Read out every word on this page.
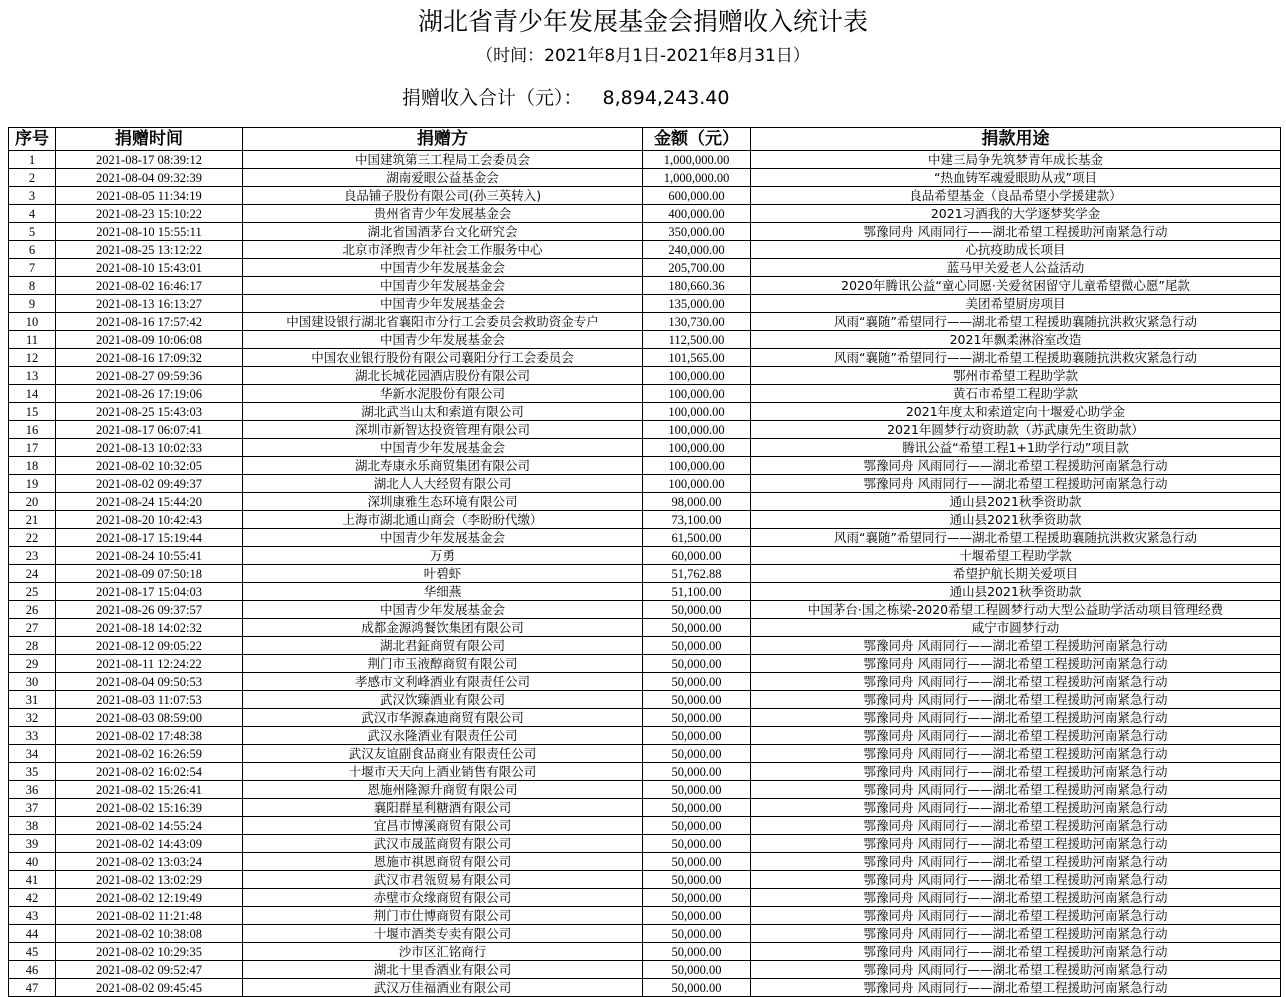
湖北省青少年发展基金会捐赠收入统计表
（时间：2021年8月1日-2021年8月31日）
捐赠收入合计（元）： 8,894,243.40
序号	捐赠时间	捐赠方	金额（元）	捐款用途
1	2021-08-17 08:39:12	中国建筑第三工程局工会委员会	1,000,000.00	中建三局争先筑梦青年成长基金
2	2021-08-04 09:32:39	湖南爱眼公益基金会	1,000,000.00	“热血铸军魂爱眼助从戎”项目
3	2021-08-05 11:34:19	良品铺子股份有限公司(孙三英转入)	600,000.00	良品希望基金（良品希望小学援建款）
4	2021-08-23 15:10:22	贵州省青少年发展基金会	400,000.00	2021习酒我的大学逐梦奖学金
5	2021-08-10 15:55:11	湖北省国酒茅台文化研究会	350,000.00	鄂豫同舟 风雨同行——湖北希望工程援助河南紧急行动
6	2021-08-25 13:12:22	北京市泽煦青少年社会工作服务中心	240,000.00	心抗疫助成长项目
7	2021-08-10 15:43:01	中国青少年发展基金会	205,700.00	蓝马甲关爱老人公益活动
8	2021-08-02 16:46:17	中国青少年发展基金会	180,660.36	2020年腾讯公益“童心同愿·关爱贫困留守儿童希望微心愿”尾款
9	2021-08-13 16:13:27	中国青少年发展基金会	135,000.00	美团希望厨房项目
10	2021-08-16 17:57:42	中国建设银行湖北省襄阳市分行工会委员会救助资金专户	130,730.00	风雨“襄随”希望同行——湖北希望工程援助襄随抗洪救灾紧急行动
11	2021-08-09 10:06:08	中国青少年发展基金会	112,500.00	2021年飘柔淋浴室改造
12	2021-08-16 17:09:32	中国农业银行股份有限公司襄阳分行工会委员会	101,565.00	风雨“襄随”希望同行——湖北希望工程援助襄随抗洪救灾紧急行动
13	2021-08-27 09:59:36	湖北长城花园酒店股份有限公司	100,000.00	鄂州市希望工程助学款
14	2021-08-26 17:19:06	华新水泥股份有限公司	100,000.00	黄石市希望工程助学款
15	2021-08-25 15:43:03	湖北武当山太和索道有限公司	100,000.00	2021年度太和索道定向十堰爱心助学金
16	2021-08-17 06:07:41	深圳市新智达投资管理有限公司	100,000.00	2021年圆梦行动资助款（苏武康先生资助款）
17	2021-08-13 10:02:33	中国青少年发展基金会	100,000.00	腾讯公益“希望工程1+1助学行动”项目款
18	2021-08-02 10:32:05	湖北寿康永乐商贸集团有限公司	100,000.00	鄂豫同舟 风雨同行——湖北希望工程援助河南紧急行动
19	2021-08-02 09:49:37	湖北人人大经贸有限公司	100,000.00	鄂豫同舟 风雨同行——湖北希望工程援助河南紧急行动
20	2021-08-24 15:44:20	深圳康雅生态环境有限公司	98,000.00	通山县2021秋季资助款
21	2021-08-20 10:42:43	上海市湖北通山商会（李盼盼代缴）	73,100.00	通山县2021秋季资助款
22	2021-08-17 15:19:44	中国青少年发展基金会	61,500.00	风雨“襄随”希望同行——湖北希望工程援助襄随抗洪救灾紧急行动
23	2021-08-24 10:55:41	万勇	60,000.00	十堰希望工程助学款
24	2021-08-09 07:50:18	叶碧虾	51,762.88	希望护航长期关爱项目
25	2021-08-17 15:04:03	华细燕	51,100.00	通山县2021秋季资助款
26	2021-08-26 09:37:57	中国青少年发展基金会	50,000.00	中国茅台·国之栋梁-2020希望工程圆梦行动大型公益助学活动项目管理经费
27	2021-08-18 14:02:32	成都金源鸿餐饮集团有限公司	50,000.00	咸宁市圆梦行动
28	2021-08-12 09:05:22	湖北君鉦商贸有限公司	50,000.00	鄂豫同舟 风雨同行——湖北希望工程援助河南紧急行动
29	2021-08-11 12:24:22	荆门市玉液醇商贸有限公司	50,000.00	鄂豫同舟 风雨同行——湖北希望工程援助河南紧急行动
30	2021-08-04 09:50:53	孝感市文利峰酒业有限责任公司	50,000.00	鄂豫同舟 风雨同行——湖北希望工程援助河南紧急行动
31	2021-08-03 11:07:53	武汉饮臻酒业有限公司	50,000.00	鄂豫同舟 风雨同行——湖北希望工程援助河南紧急行动
32	2021-08-03 08:59:00	武汉市华源森迪商贸有限公司	50,000.00	鄂豫同舟 风雨同行——湖北希望工程援助河南紧急行动
33	2021-08-02 17:48:38	武汉永隆酒业有限责任公司	50,000.00	鄂豫同舟 风雨同行——湖北希望工程援助河南紧急行动
34	2021-08-02 16:26:59	武汉友谊副食品商业有限责任公司	50,000.00	鄂豫同舟 风雨同行——湖北希望工程援助河南紧急行动
35	2021-08-02 16:02:54	十堰市天天向上酒业销售有限公司	50,000.00	鄂豫同舟 风雨同行——湖北希望工程援助河南紧急行动
36	2021-08-02 15:26:41	恩施州隆源升商贸有限公司	50,000.00	鄂豫同舟 风雨同行——湖北希望工程援助河南紧急行动
37	2021-08-02 15:16:39	襄阳群星利糖酒有限公司	50,000.00	鄂豫同舟 风雨同行——湖北希望工程援助河南紧急行动
38	2021-08-02 14:55:24	宜昌市博溪商贸有限公司	50,000.00	鄂豫同舟 风雨同行——湖北希望工程援助河南紧急行动
39	2021-08-02 14:43:09	武汉市晟蓝商贸有限公司	50,000.00	鄂豫同舟 风雨同行——湖北希望工程援助河南紧急行动
40	2021-08-02 13:03:24	恩施市祺恩商贸有限公司	50,000.00	鄂豫同舟 风雨同行——湖北希望工程援助河南紧急行动
41	2021-08-02 13:02:29	武汉市君瓴贸易有限公司	50,000.00	鄂豫同舟 风雨同行——湖北希望工程援助河南紧急行动
42	2021-08-02 12:19:49	赤壁市众缘商贸有限公司	50,000.00	鄂豫同舟 风雨同行——湖北希望工程援助河南紧急行动
43	2021-08-02 11:21:48	荆门市仕博商贸有限公司	50,000.00	鄂豫同舟 风雨同行——湖北希望工程援助河南紧急行动
44	2021-08-02 10:38:08	十堰市酒类专卖有限公司	50,000.00	鄂豫同舟 风雨同行——湖北希望工程援助河南紧急行动
45	2021-08-02 10:29:35	沙市区汇铭商行	50,000.00	鄂豫同舟 风雨同行——湖北希望工程援助河南紧急行动
46	2021-08-02 09:52:47	湖北十里香酒业有限公司	50,000.00	鄂豫同舟 风雨同行——湖北希望工程援助河南紧急行动
47	2021-08-02 09:45:45	武汉万佳福酒业有限公司	50,000.00	鄂豫同舟 风雨同行——湖北希望工程援助河南紧急行动
